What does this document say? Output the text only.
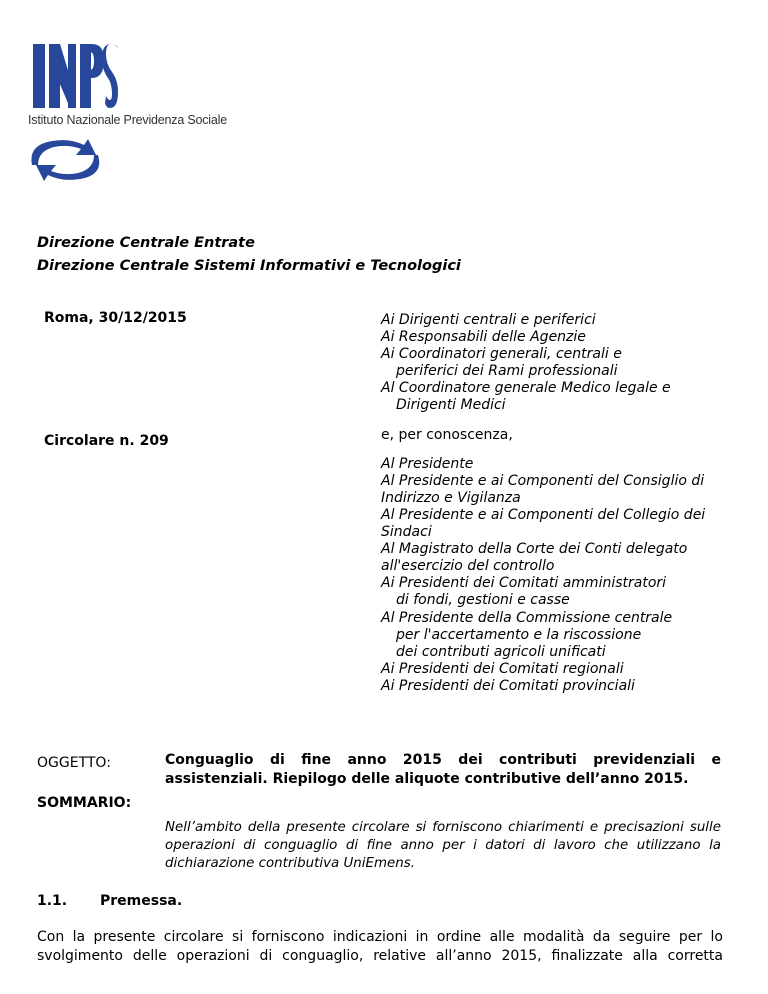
Istituto Nazionale Previdenza Sociale
Direzione Centrale Entrate
Direzione Centrale Sistemi Informativi e Tecnologici
Roma, 30/12/2015
Circolare n. 209
Ai Dirigenti centrali e periferici
Ai Responsabili delle Agenzie
Ai Coordinatori generali, centrali e
periferici dei Rami professionali
Al Coordinatore generale Medico legale e
Dirigenti Medici
e, per conoscenza,
Al Presidente
Al Presidente e ai Componenti del Consiglio di
Indirizzo e Vigilanza
Al Presidente e ai Componenti del Collegio dei
Sindaci
Al Magistrato della Corte dei Conti delegato
all'esercizio del controllo
Ai Presidenti dei Comitati amministratori
di fondi, gestioni e casse
Al Presidente della Commissione centrale
per l'accertamento e la riscossione
dei contributi agricoli unificati
Ai Presidenti dei Comitati regionali
Ai Presidenti dei Comitati provinciali
OGGETTO:	Conguaglio di fine anno 2015 dei contributi previdenziali e assistenziali. Riepilogo delle aliquote contributive dell’anno 2015.
SOMMARIO:
Nell’ambito della presente circolare si forniscono chiarimenti e precisazioni sulle operazioni di conguaglio di fine anno per i datori di lavoro che utilizzano la dichiarazione contributiva UniEmens.
1.1. Premessa.
Con la presente circolare si forniscono indicazioni in ordine alle modalità da seguire per lo svolgimento delle operazioni di conguaglio, relative all’anno 2015, finalizzate alla corretta
